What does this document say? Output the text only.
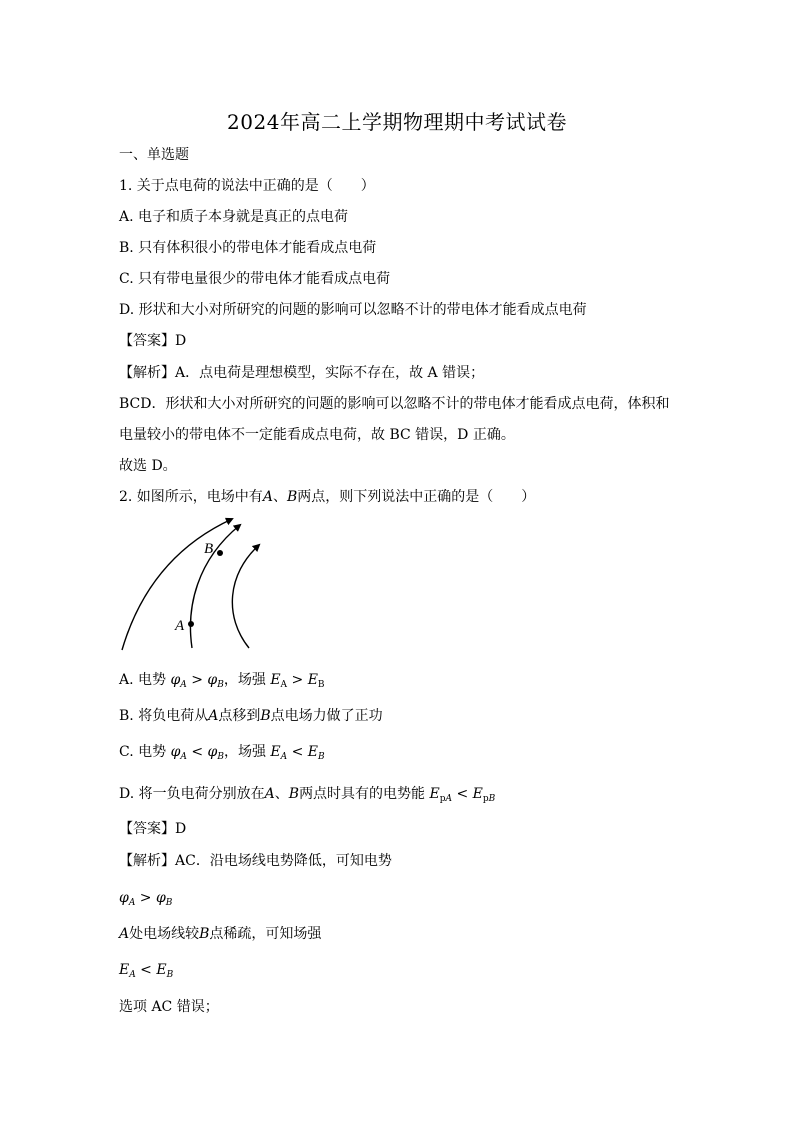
2024年高二上学期物理期中考试试卷
一、单选题
1. 关于点电荷的说法中正确的是（　　）
A. 电子和质子本身就是真正的点电荷
B. 只有体积很小的带电体才能看成点电荷
C. 只有带电量很少的带电体才能看成点电荷
D. 形状和大小对所研究的问题的影响可以忽略不计的带电体才能看成点电荷
【答案】D
【解析】A．点电荷是理想模型，实际不存在，故 A 错误；
BCD．形状和大小对所研究的问题的影响可以忽略不计的带电体才能看成点电荷，体积和
电量较小的带电体不一定能看成点电荷，故 BC 错误，D 正确。
故选 D。
2. 如图所示，电场中有A、B两点，则下列说法中正确的是（　　）
A
B
A. 电势 $\varphi_A > \varphi_B$，场强 $E_A > E_B$
B. 将负电荷从A点移到B点电场力做了正功
C. 电势 $\varphi_A < \varphi_B$，场强 $E_A < E_B$
D. 将一负电荷分别放在A、B两点时具有的电势能 $E_{pA} < E_{pB}$
【答案】D
【解析】AC．沿电场线电势降低，可知电势
$\varphi_A > \varphi_B$
A处电场线较B点稀疏，可知场强
$E_A < E_B$
选项 AC 错误；
